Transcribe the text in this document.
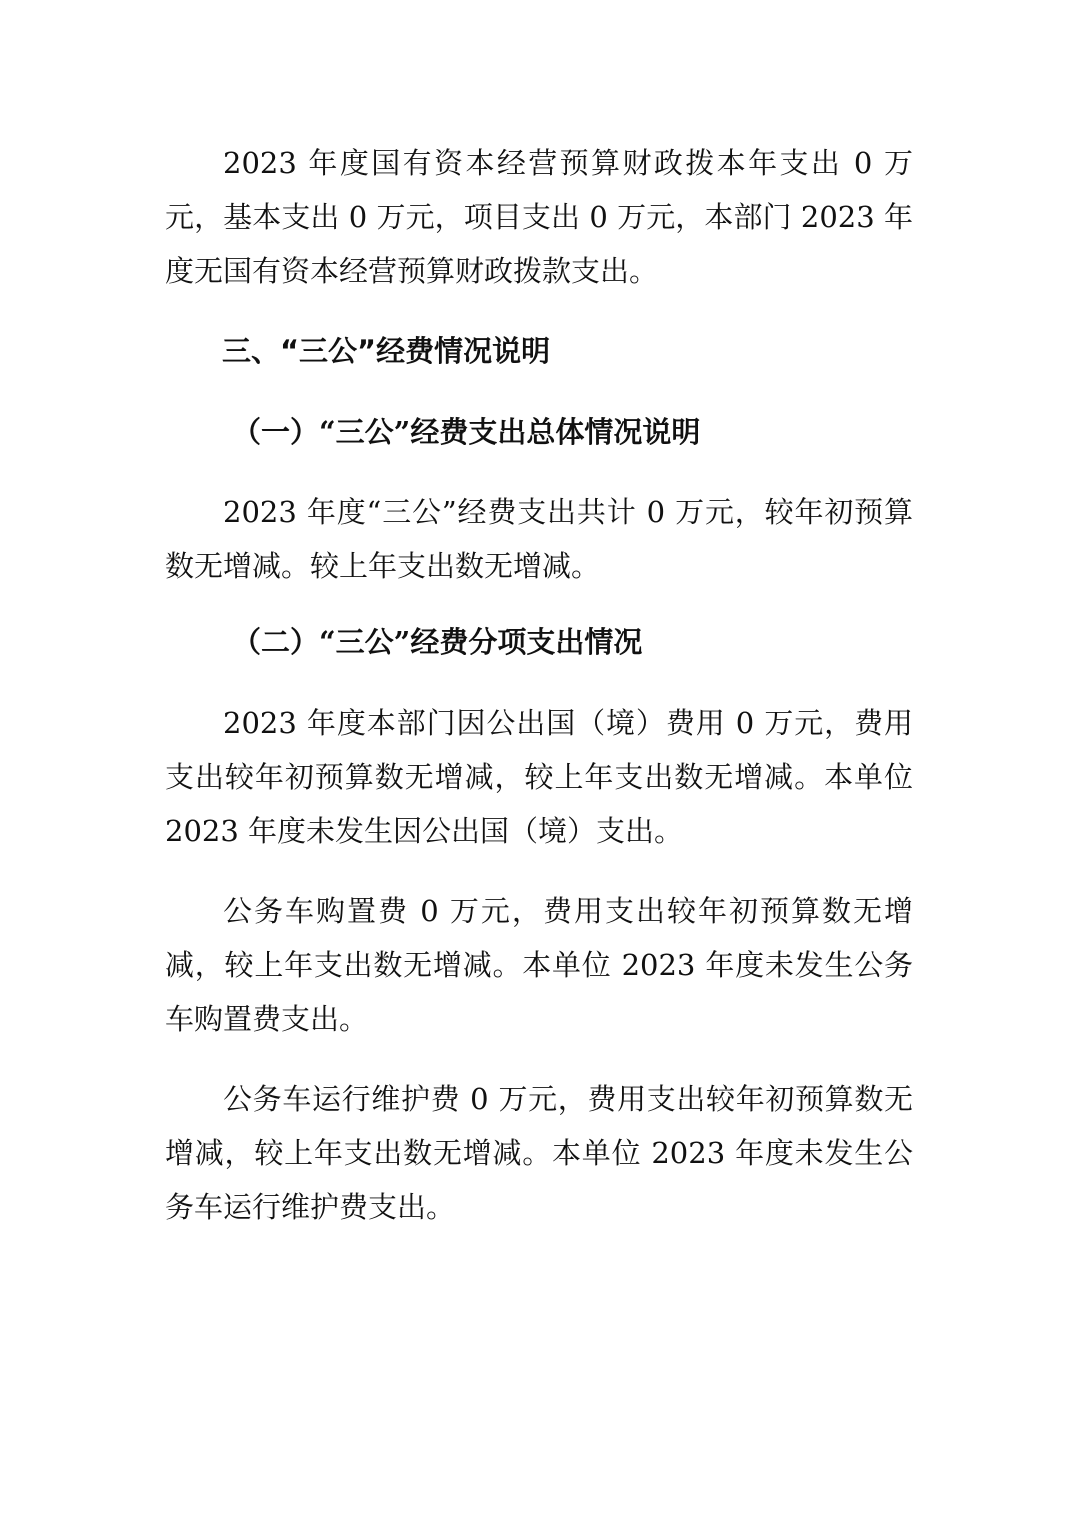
2023 年度国有资本经营预算财政拨本年支出 0 万元，基本支出 0 万元，项目支出 0 万元，本部门 2023 年度无国有资本经营预算财政拨款支出。

三、“三公”经费情况说明
（一）“三公”经费支出总体情况说明

2023 年度“三公”经费支出共计 0 万元，较年初预算数无增减。较上年支出数无增减。

（二）“三公”经费分项支出情况

2023 年度本部门因公出国（境）费用 0 万元，费用支出较年初预算数无增减，较上年支出数无增减。本单位 2023 年度未发生因公出国（境）支出。

公务车购置费 0 万元，费用支出较年初预算数无增减，较上年支出数无增减。本单位 2023 年度未发生公务车购置费支出。

公务车运行维护费 0 万元，费用支出较年初预算数无增减，较上年支出数无增减。本单位 2023 年度未发生公务车运行维护费支出。
